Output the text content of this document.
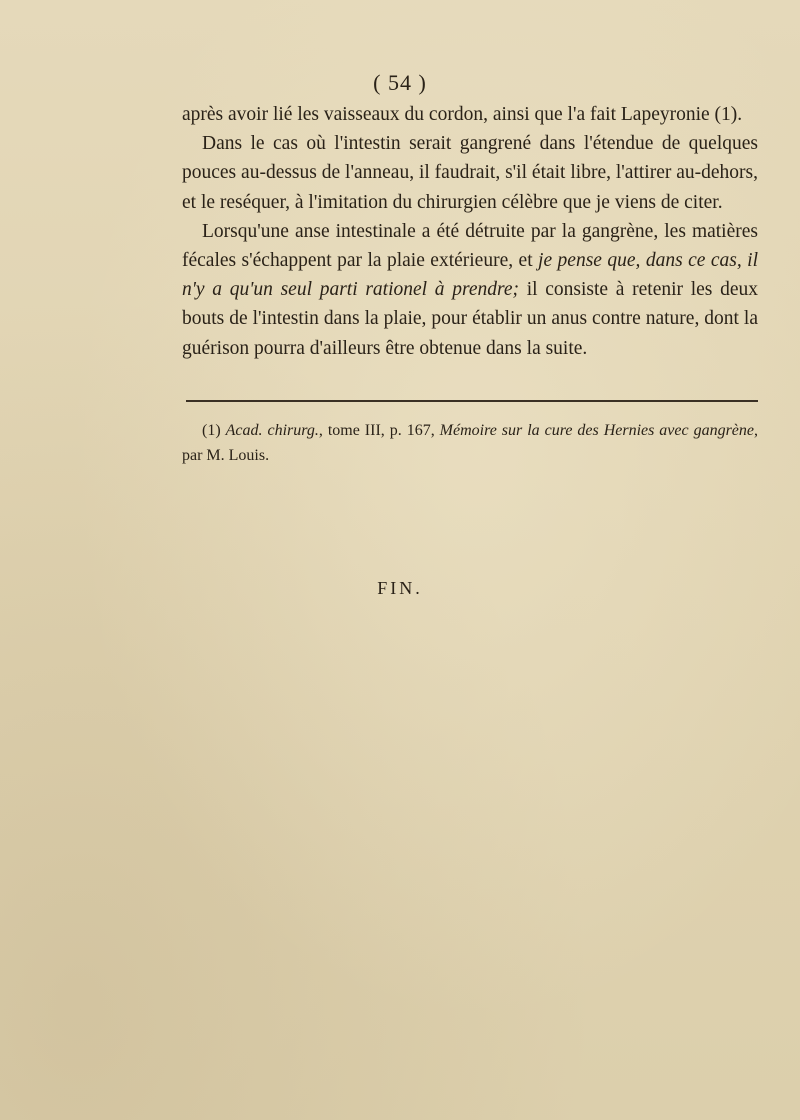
( 54 )

après avoir lié les vaisseaux du cordon, ainsi que l'a fait Lapeyronie (1).

Dans le cas où l'intestin serait gangrené dans l'étendue de quelques pouces au-dessus de l'anneau, il faudrait, s'il était libre, l'attirer au-dehors, et le reséquer, à l'imitation du chirurgien célèbre que je viens de citer.

Lorsqu'une anse intestinale a été détruite par la gangrène, les matières fécales s'échappent par la plaie extérieure, et je pense que, dans ce cas, il n'y a qu'un seul parti rationel à prendre; il consiste à retenir les deux bouts de l'intestin dans la plaie, pour établir un anus contre nature, dont la guérison pourra d'ailleurs être obtenue dans la suite.

(1) Acad. chirurg., tome III, p. 167, Mémoire sur la cure des Hernies avec gangrène, par M. Louis.
FIN.
